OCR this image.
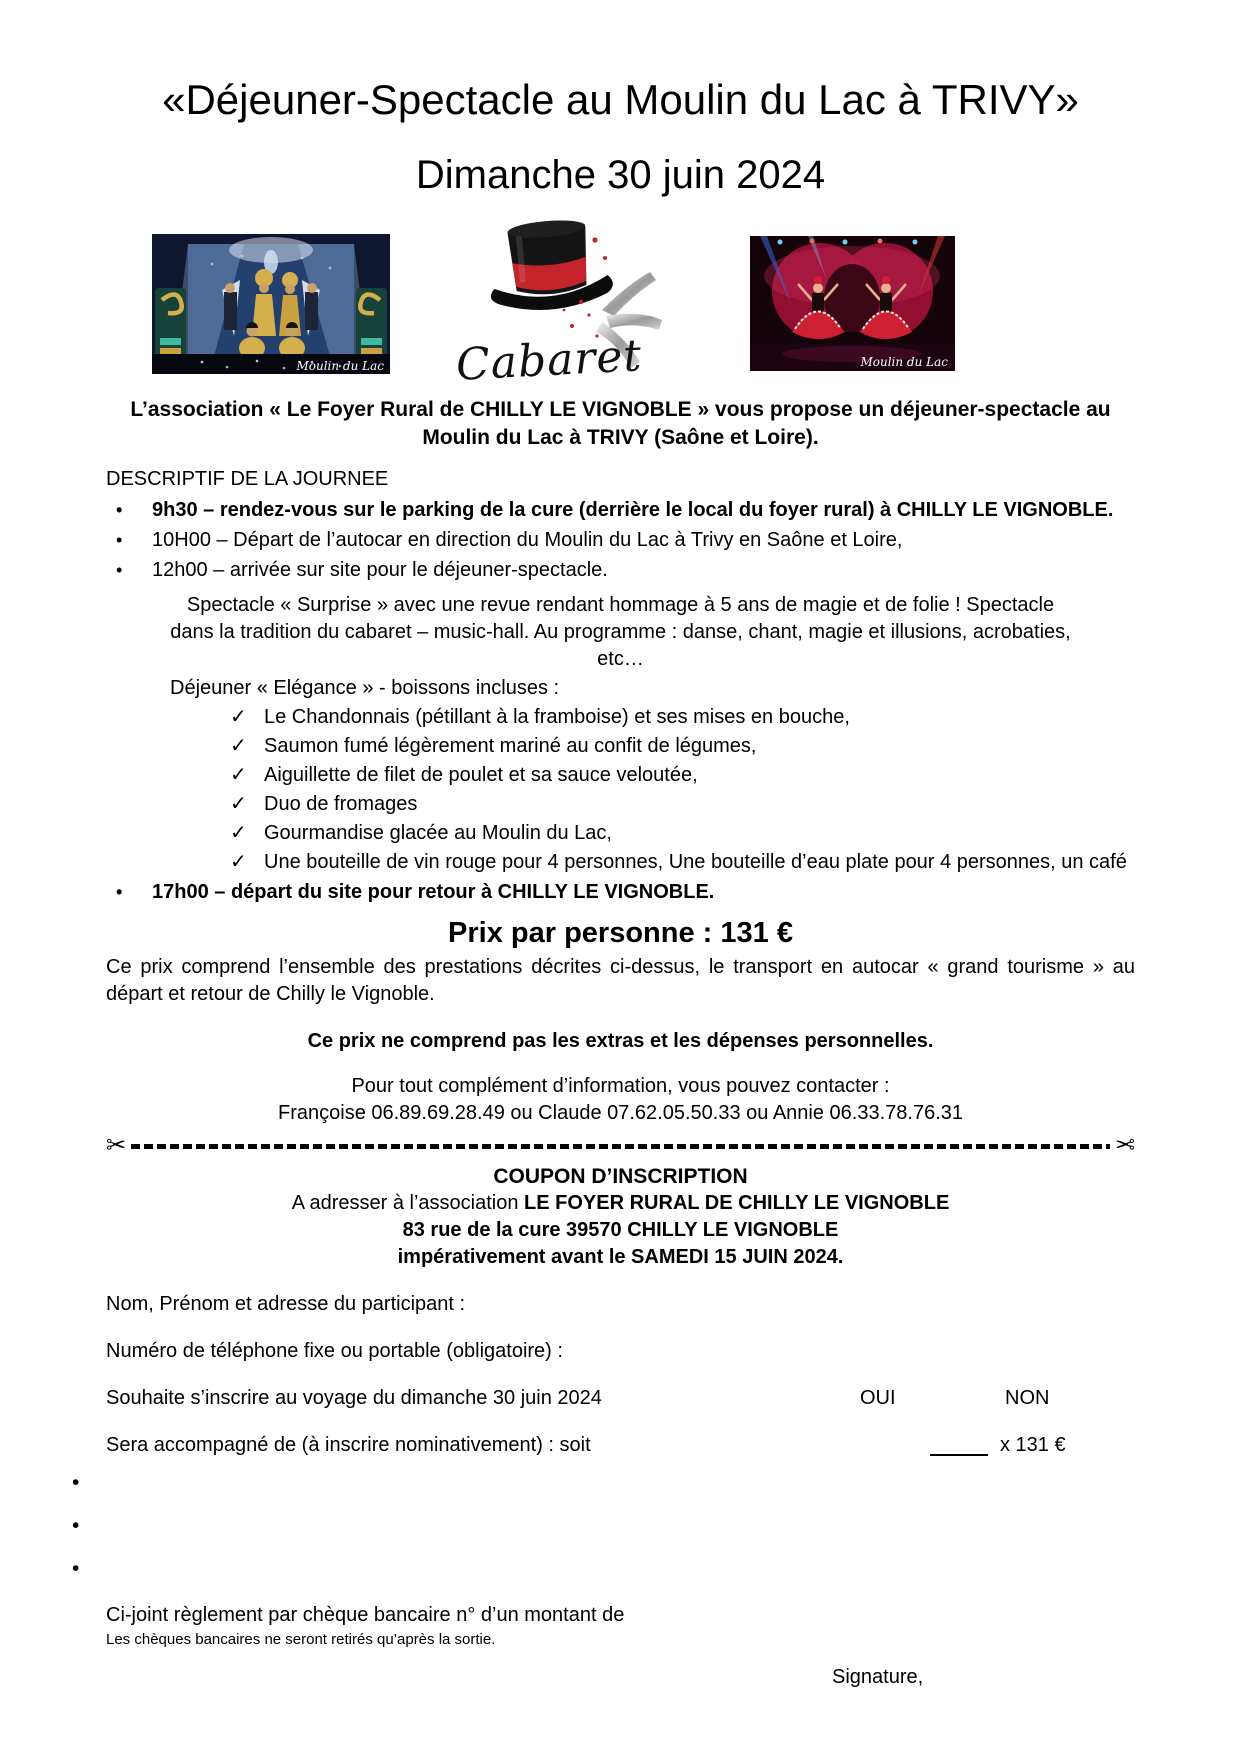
«Déjeuner-Spectacle au Moulin du Lac à TRIVY»
Dimanche 30 juin 2024
Moulin du Lac Cabaret	Moulin du Lac

L’association « Le Foyer Rural de CHILLY LE VIGNOBLE » vous propose un déjeuner-spectacle au Moulin du Lac à TRIVY (Saône et Loire).

DESCRIPTIF DE LA JOURNEE

• 9h30 – rendez-vous sur le parking de la cure (derrière le local du foyer rural) à CHILLY LE VIGNOBLE.
• 10H00 – Départ de l’autocar en direction du Moulin du Lac à Trivy en Saône et Loire,
• 12h00 – arrivée sur site pour le déjeuner-spectacle.

Spectacle « Surprise » avec une revue rendant hommage à 5 ans de magie et de folie ! Spectacle dans la tradition du cabaret – music-hall. Au programme : danse, chant, magie et illusions, acrobaties, etc…

Déjeuner « Elégance » - boissons incluses :

✓ Le Chandonnais (pétillant à la framboise) et ses mises en bouche,
✓ Saumon fumé légèrement mariné au confit de légumes,
✓ Aiguillette de filet de poulet et sa sauce veloutée,
✓ Duo de fromages
✓ Gourmandise glacée au Moulin du Lac,
✓ Une bouteille de vin rouge pour 4 personnes, Une bouteille d’eau plate pour 4 personnes, un café
• 17h00 – départ du site pour retour à CHILLY LE VIGNOBLE.

Prix par personne : 131 €

Ce prix comprend l’ensemble des prestations décrites ci-dessus, le transport en autocar « grand tourisme » au départ et retour de Chilly le Vignoble.

Ce prix ne comprend pas les extras et les dépenses personnelles.

Pour tout complément d’information, vous pouvez contacter :

Françoise 06.89.69.28.49 ou Claude 07.62.05.50.33 ou Annie 06.33.78.76.31

✂	✂

COUPON D’INSCRIPTION

A adresser à l’association LE FOYER RURAL DE CHILLY LE VIGNOBLE

83 rue de la cure 39570 CHILLY LE VIGNOBLE

impérativement avant le SAMEDI 15 JUIN 2024.

Nom, Prénom et adresse du participant :

Numéro de téléphone fixe ou portable (obligatoire) :

Souhaite s’inscrire au voyage du dimanche 30 juin 2024	OUI	NON
Sera accompagné de (à inscrire nominativement) : soit	x 131 €
•
•
•
Ci-joint règlement par chèque bancaire n° d’un montant de

Les chèques bancaires ne seront retirés qu’après la sortie.

Signature,
